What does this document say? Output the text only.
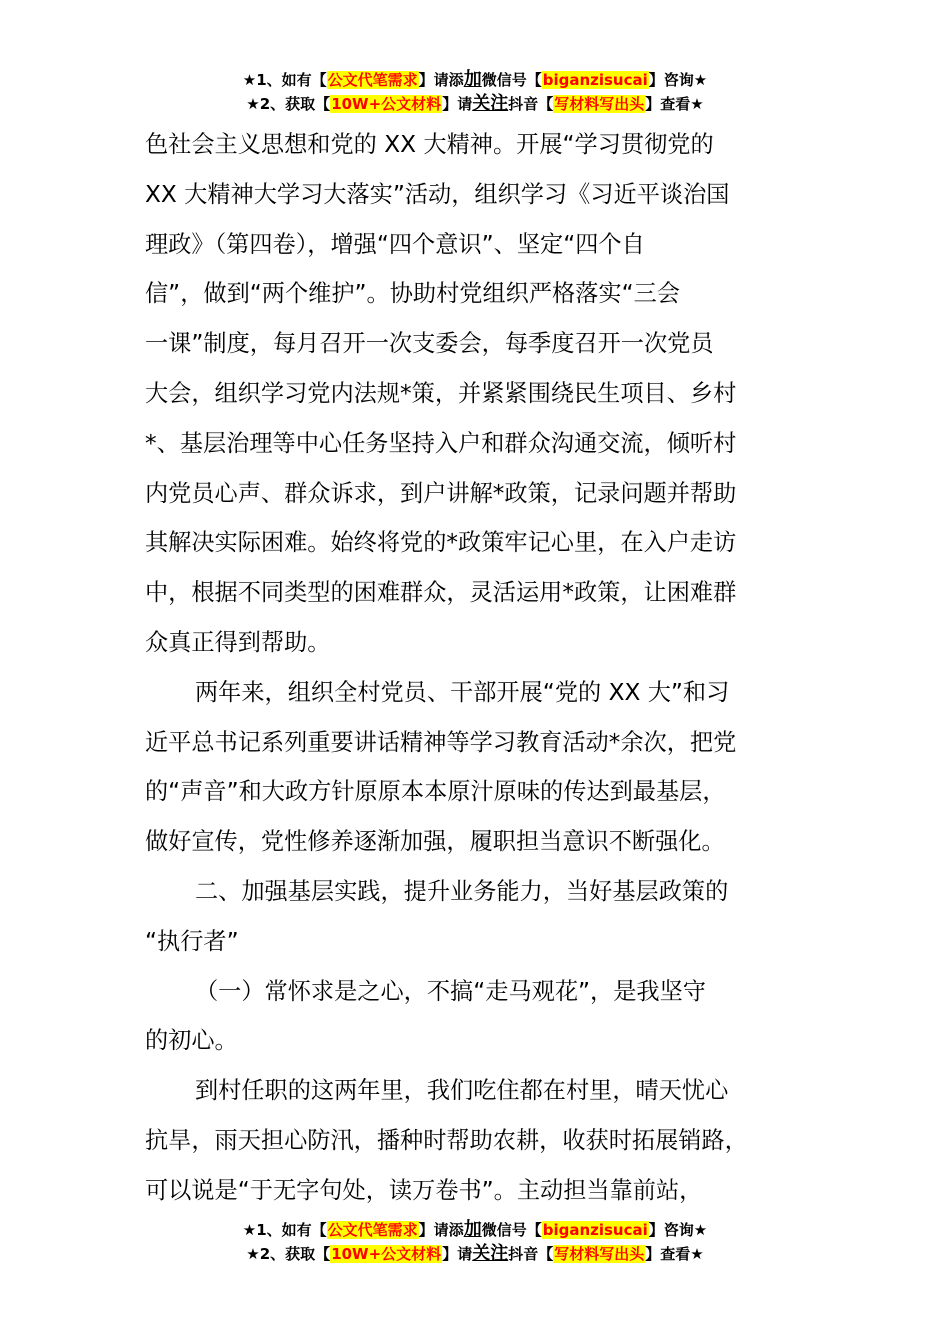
★1、如有【公文代笔需求】请添加微信号【biganzisucai】咨询★
★2、获取【10W+公文材料】请关注抖音【写材料写出头】查看★
色社会主义思想和党的 XX 大精神。开展“学习贯彻党的
XX 大精神大学习大落实”活动，组织学习《习近平谈治国
理政》（第四卷），增强“四个意识”、坚定“四个自
信”，做到“两个维护”。协助村党组织严格落实“三会
一课”制度，每月召开一次支委会，每季度召开一次党员
大会，组织学习党内法规*策，并紧紧围绕民生项目、乡村
*、基层治理等中心任务坚持入户和群众沟通交流，倾听村
内党员心声、群众诉求，到户讲解*政策，记录问题并帮助
其解决实际困难。始终将党的*政策牢记心里，在入户走访
中，根据不同类型的困难群众，灵活运用*政策，让困难群
众真正得到帮助。
两年来，组织全村党员、干部开展“党的 XX 大”和习
近平总书记系列重要讲话精神等学习教育活动*余次，把党
的“声音”和大政方针原原本本原汁原味的传达到最基层，
做好宣传，党性修养逐渐加强，履职担当意识不断强化。
二、加强基层实践，提升业务能力，当好基层政策的
“执行者”
（一）常怀求是之心，不搞“走马观花”，是我坚守
的初心。
到村任职的这两年里，我们吃住都在村里，晴天忧心
抗旱，雨天担心防汛，播种时帮助农耕，收获时拓展销路，
可以说是“于无字句处，读万卷书”。主动担当靠前站，
★1、如有【公文代笔需求】请添加微信号【biganzisucai】咨询★
★2、获取【10W+公文材料】请关注抖音【写材料写出头】查看★
